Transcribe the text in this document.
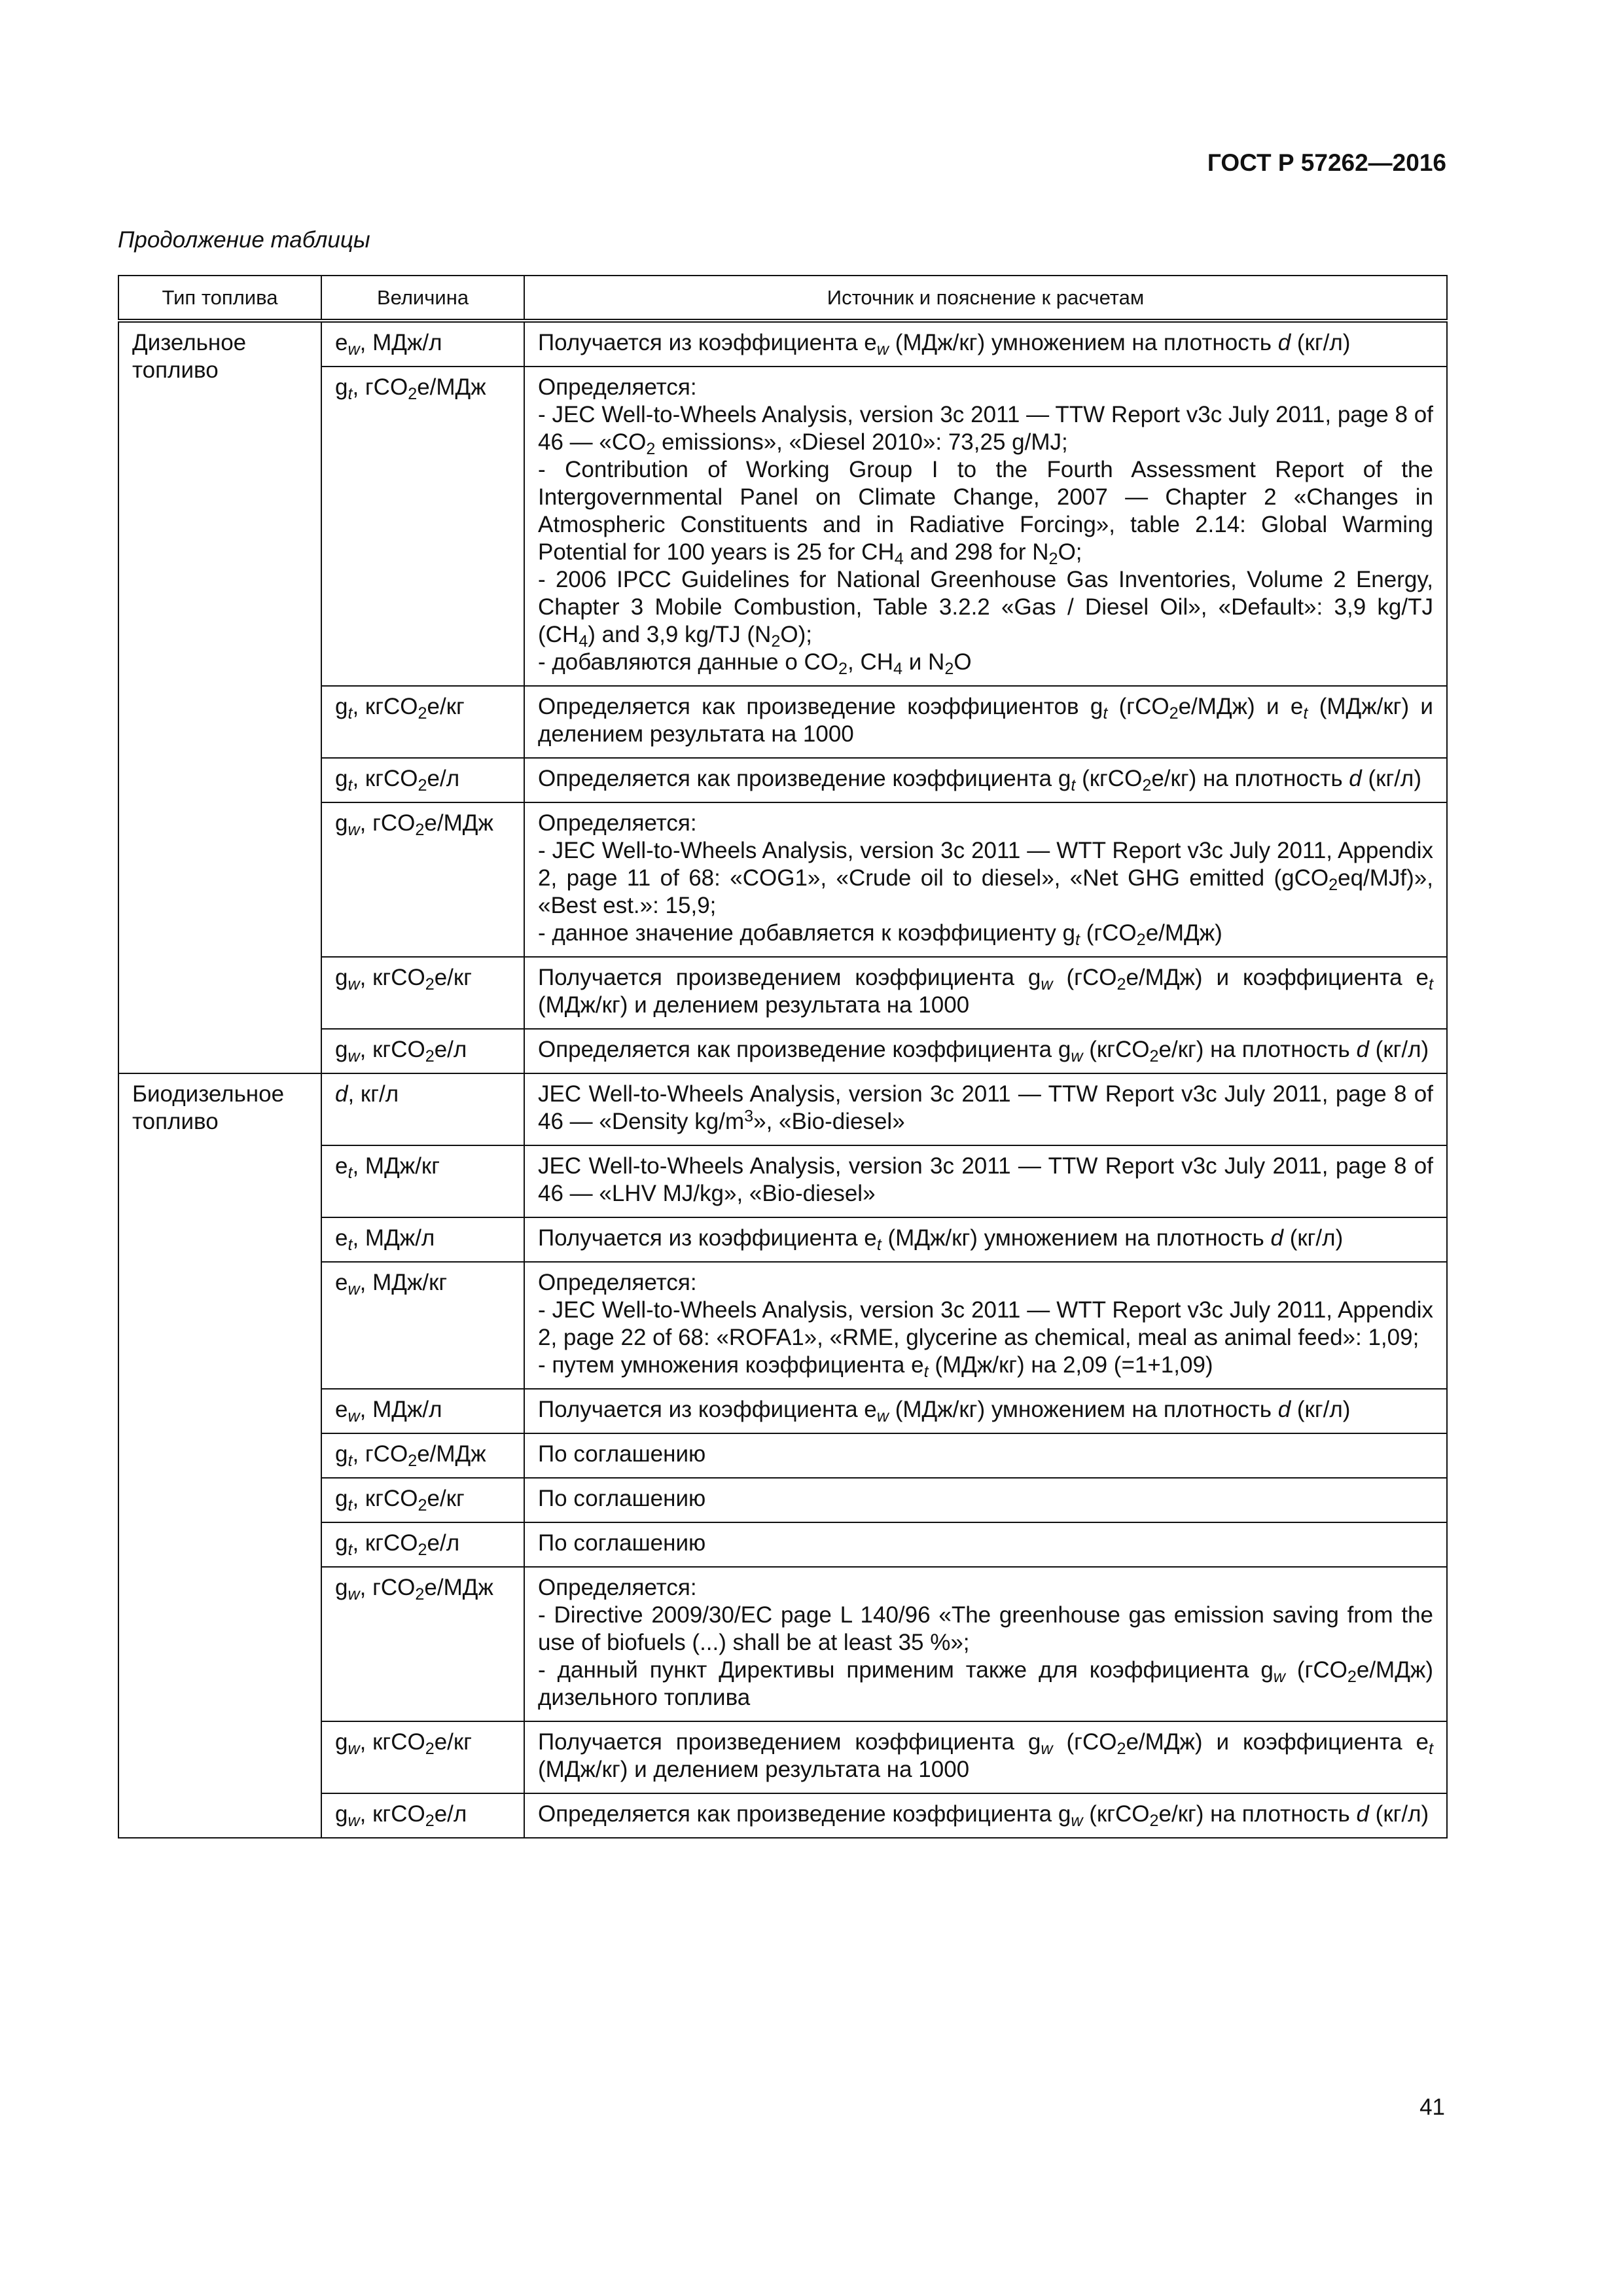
ГОСТ Р 57262—2016
Продолжение таблицы
Тип топлива	Величина	Источник и пояснение к расчетам

Дизельное
топливо	$e_w$, МДж/л	Получается из коэффициента $e_w$ (МДж/кг) умножением на плотность d (кг/л)

	$g_t$, гCO$_2$e/МДж	Определяется:
- JEC Well-to-Wheels Analysis, version 3c 2011 — TTW Report v3c July 2011, page 8 of 46 — «$CO_2$ emissions», «Diesel 2010»: 73,25 g/MJ;
- Contribution of Working Group I to the Fourth Assessment Report of the Intergovernmental Panel on Climate Change, 2007 — Chapter 2 «Changes in Atmospheric Constituents and in Radiative Forcing», table 2.14: Global Warming Potential for 100 years is 25 for $CH_4$ and 298 for $N_2O$;
- 2006 IPCC Guidelines for National Greenhouse Gas Inventories, Volume 2 Energy, Chapter 3 Mobile Combustion, Table 3.2.2 «Gas / Diesel Oil», «Default»: 3,9 kg/TJ $(CH_4)$ and 3,9 kg/TJ $(N_2O)$;
- добавляются данные о $CO_2$, $CH_4$ и $N_2O$

	$g_t$, кгCO$_2$e/кг	Определяется как произведение коэффициентов $g_t$ (гCO$_2$e/МДж) и $e_t$ (МДж/кг) и делением результата на 1000

	$g_t$, кгCO$_2$e/л	Определяется как произведение коэффициента $g_t$ (кгCO$_2$e/кг) на плотность d (кг/л)

	$g_w$, гCO$_2$e/МДж	Определяется:
- JEC Well-to-Wheels Analysis, version 3c 2011 — WTT Report v3c July 2011, Appendix 2, page 11 of 68: «COG1», «Crude oil to diesel», «Net GHG emitted (gCO$_2$eq/MJf)», «Best est.»: 15,9;
- данное значение добавляется к коэффициенту $g_t$ (гCO$_2$e/МДж)

	$g_w$, кгCO$_2$e/кг	Получается произведением коэффициента $g_w$ (гCO$_2$e/МДж) и коэффициента $e_t$ (МДж/кг) и делением результата на 1000

	$g_w$, кгCO$_2$e/л	Определяется как произведение коэффициента $g_w$ (кгCO$_2$e/кг) на плотность d (кг/л)

Биодизельное
топливо	d, кг/л	JEC Well-to-Wheels Analysis, version 3c 2011 — TTW Report v3c July 2011, page 8 of 46 — «Density $kg/m^3$», «Bio-diesel»

	$e_t$, МДж/кг	JEC Well-to-Wheels Analysis, version 3c 2011 — TTW Report v3c July 2011, page 8 of 46 — «LHV MJ/kg», «Bio-diesel»

	$e_t$, МДж/л	Получается из коэффициента $e_t$ (МДж/кг) умножением на плотность d (кг/л)

	$e_w$, МДж/кг	Определяется:
- JEC Well-to-Wheels Analysis, version 3c 2011 — WTT Report v3c July 2011, Appendix 2, page 22 of 68: «ROFA1», «RME, glycerine as chemical, meal as animal feed»: 1,09;
- путем умножения коэффициента $e_t$ (МДж/кг) на 2,09 (=1+1,09)

	$e_w$, МДж/л	Получается из коэффициента $e_w$ (МДж/кг) умножением на плотность d (кг/л)

	$g_t$, гCO$_2$e/МДж	По соглашению

	$g_t$, кгCO$_2$e/кг	По соглашению

	$g_t$, кгCO$_2$e/л	По соглашению

	$g_w$, гCO$_2$e/МДж	Определяется:
- Directive 2009/30/EC page L 140/96 «The greenhouse gas emission saving from the use of biofuels (...) shall be at least 35 %»;
- данный пункт Директивы применим также для коэффициента $g_w$ (гCO$_2$e/МДж) дизельного топлива

	$g_w$, кгCO$_2$e/кг	Получается произведением коэффициента $g_w$ (гCO$_2$e/МДж) и коэффициента $e_t$ (МДж/кг) и делением результата на 1000

	$g_w$, кгCO$_2$e/л	Определяется как произведение коэффициента $g_w$ (кгCO$_2$e/кг) на плотность d (кг/л)
41
